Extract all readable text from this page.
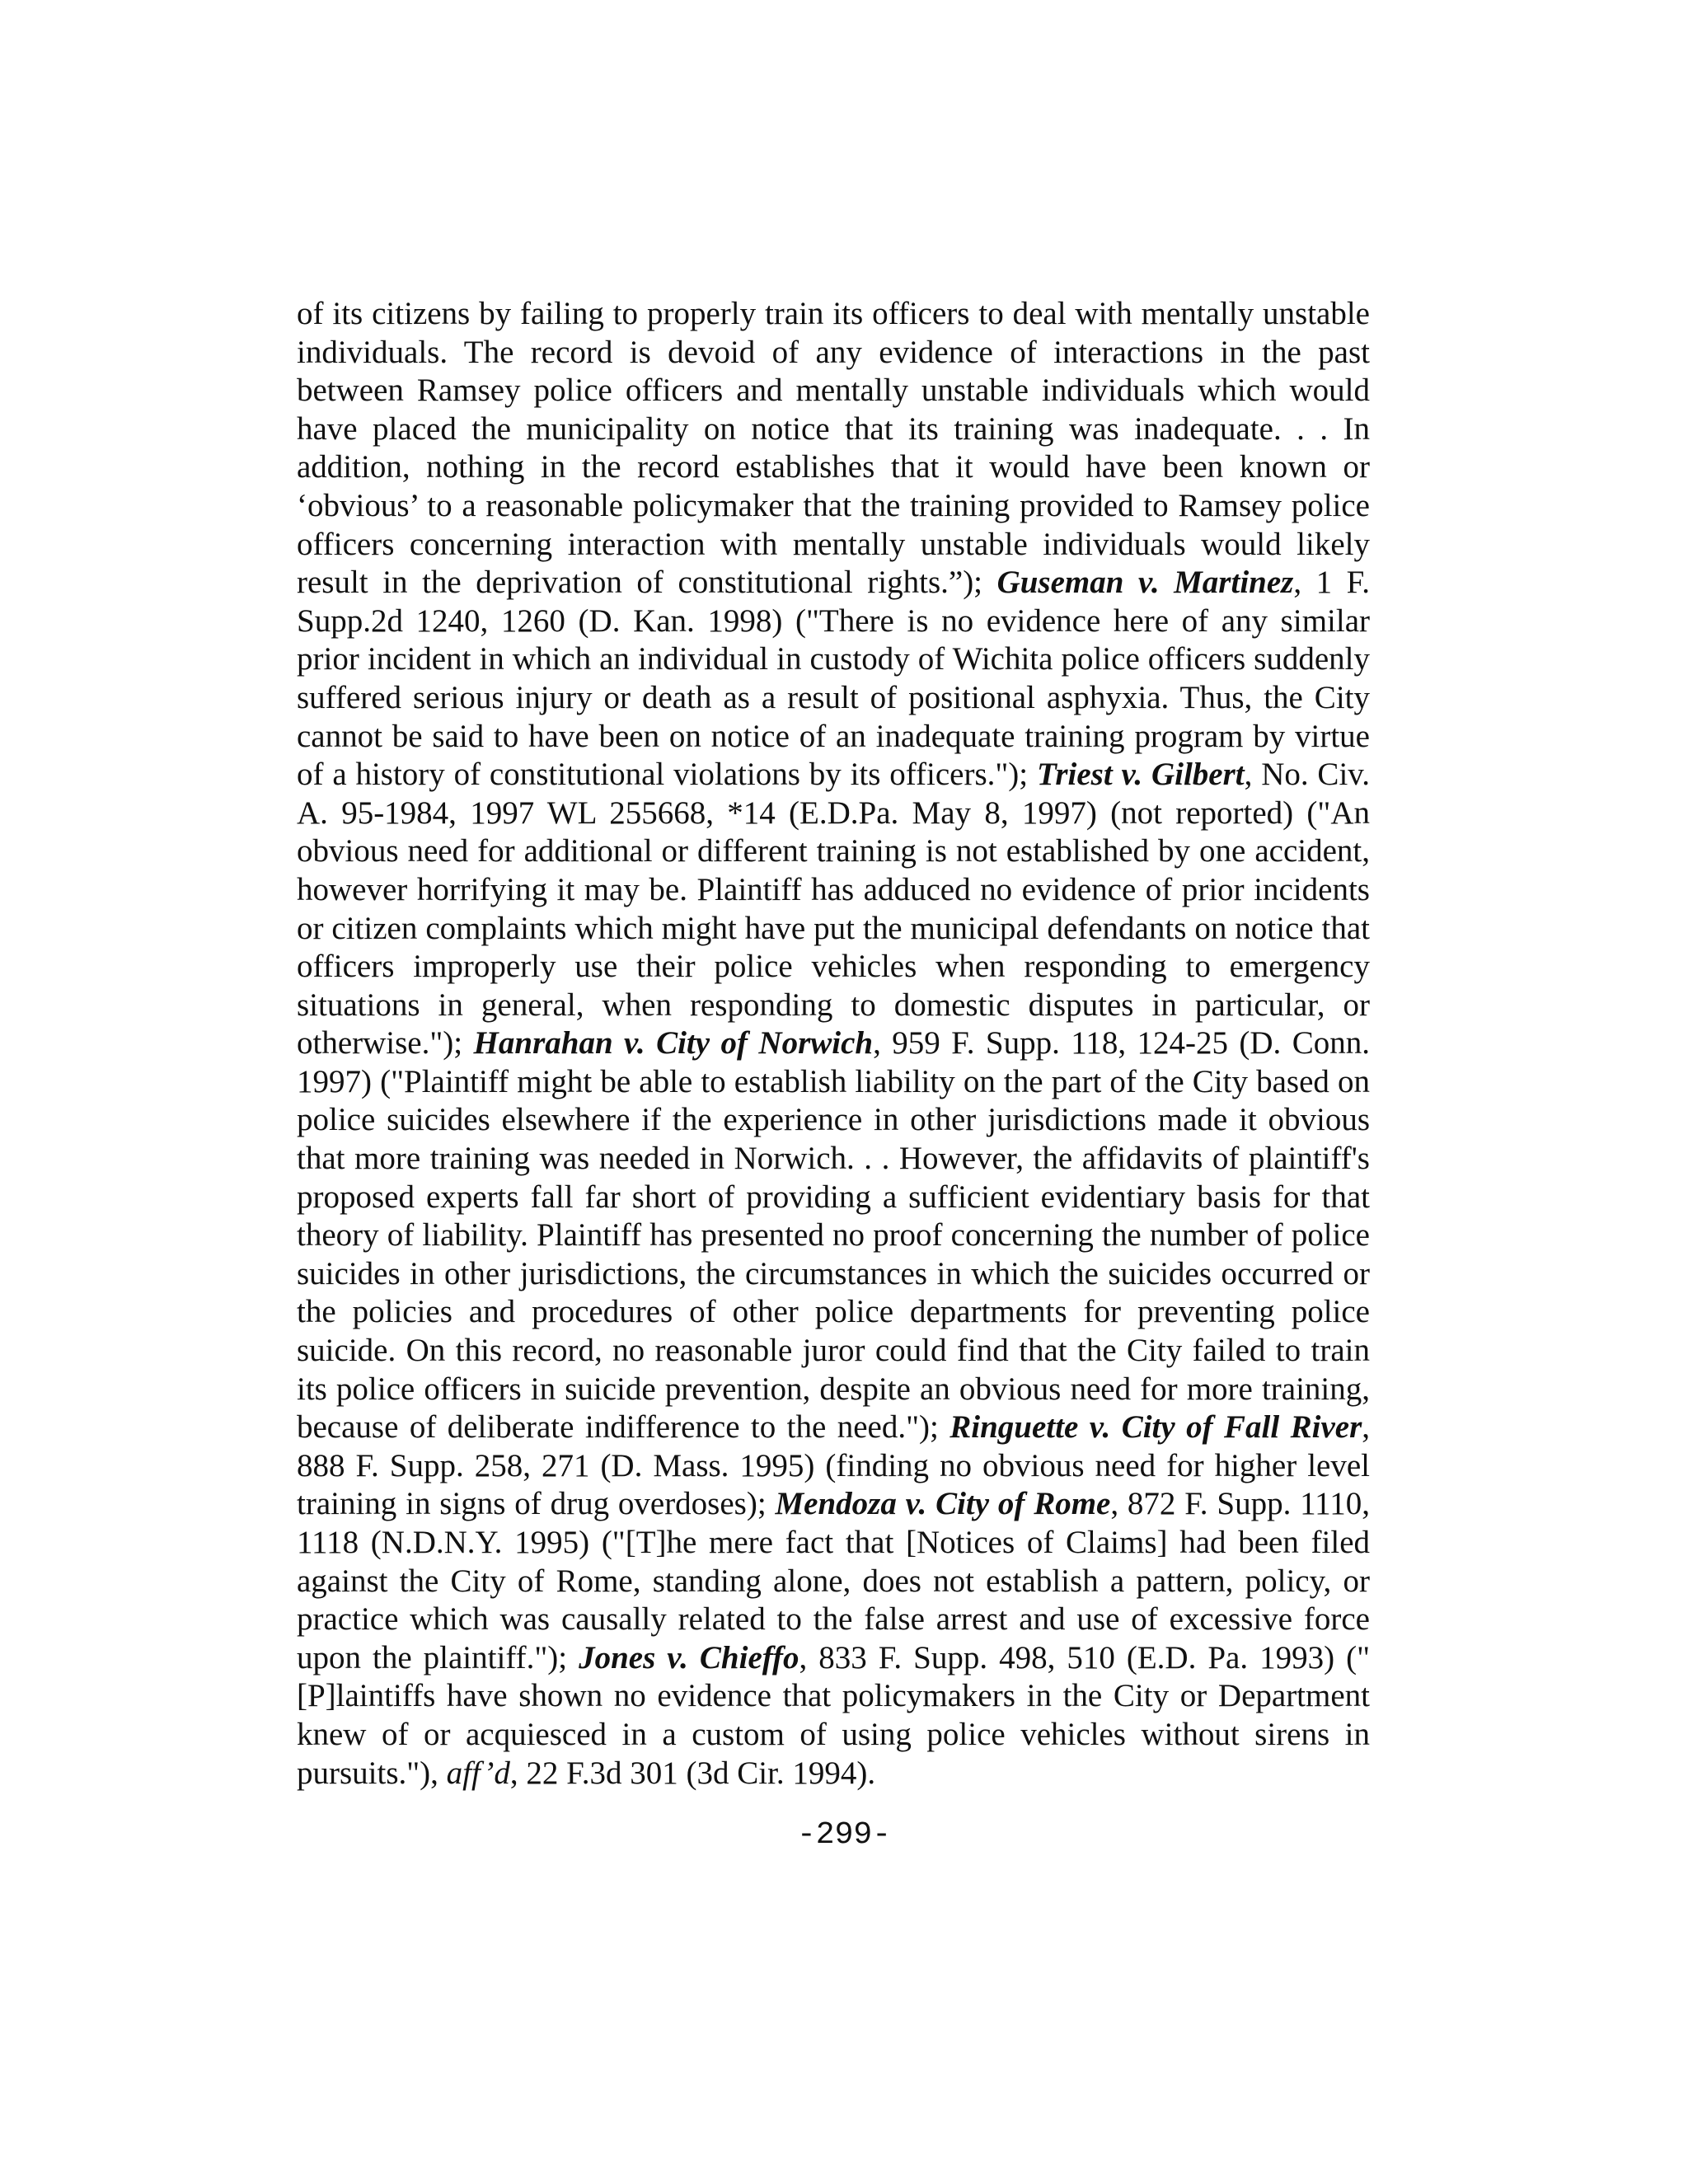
of its citizens by failing to properly train its officers to deal with mentally unstable individuals. The record is devoid of any evidence of interactions in the past between Ramsey police officers and mentally unstable individuals which would have placed the municipality on notice that its training was inadequate. . . In addition, nothing in the record establishes that it would have been known or ‘obvious’ to a reasonable policymaker that the training provided to Ramsey police officers concerning interaction with mentally unstable individuals would likely result in the deprivation of constitutional rights.”); Guseman v. Martinez, 1 F. Supp.2d 1240, 1260 (D. Kan. 1998) ("There is no evidence here of any similar prior incident in which an individual in custody of Wichita police officers suddenly suffered serious injury or death as a result of positional asphyxia. Thus, the City cannot be said to have been on notice of an inadequate training program by virtue of a history of constitutional violations by its officers."); Triest v. Gilbert, No. Civ. A. 95-1984, 1997 WL 255668, *14 (E.D.Pa. May 8, 1997) (not reported) ("An obvious need for additional or different training is not established by one accident, however horrifying it may be. Plaintiff has adduced no evidence of prior incidents or citizen complaints which might have put the municipal defendants on notice that officers improperly use their police vehicles when responding to emergency situations in general, when responding to domestic disputes in particular, or otherwise."); Hanrahan v. City of Norwich, 959 F. Supp. 118, 124-25 (D. Conn. 1997) ("Plaintiff might be able to establish liability on the part of the City based on police suicides elsewhere if the experience in other jurisdictions made it obvious that more training was needed in Norwich. . . However, the affidavits of plaintiff's proposed experts fall far short of providing a sufficient evidentiary basis for that theory of liability. Plaintiff has presented no proof concerning the number of police suicides in other jurisdictions, the circumstances in which the suicides occurred or the policies and procedures of other police departments for preventing police suicide. On this record, no reasonable juror could find that the City failed to train its police officers in suicide prevention, despite an obvious need for more training, because of deliberate indifference to the need."); Ringuette v. City of Fall River, 888 F. Supp. 258, 271 (D. Mass. 1995) (finding no obvious need for higher level training in signs of drug overdoses); Mendoza v. City of Rome, 872 F. Supp. 1110, 1118 (N.D.N.Y. 1995) ("[T]he mere fact that [Notices of Claims] had been filed against the City of Rome, standing alone, does not establish a pattern, policy, or practice which was causally related to the false arrest and use of excessive force upon the plaintiff."); Jones v. Chieffo, 833 F. Supp. 498, 510 (E.D. Pa. 1993) ("[P]laintiffs have shown no evidence that policymakers in the City or Department knew of or acquiesced in a custom of using police vehicles without sirens in pursuits."), aff’d, 22 F.3d 301 (3d Cir. 1994).

-299-
